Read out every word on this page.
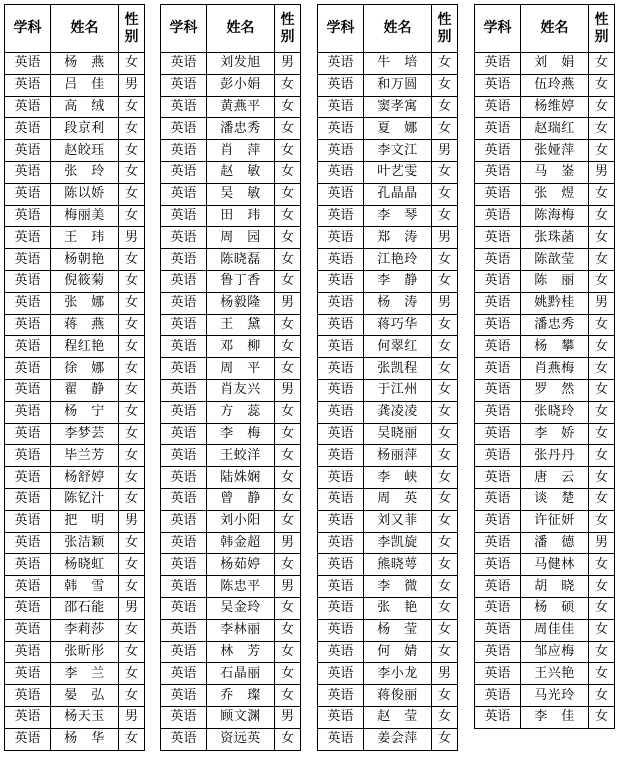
学科	姓名	性别
英语	杨　燕	女
英语	吕　佳	男
英语	高　绒	女
英语	段京利	女
英语	赵皎珏	女
英语	张　玲	女
英语	陈以娇	女
英语	梅丽美	女
英语	王　玮	男
英语	杨朝艳	女
英语	倪筱菊	女
英语	张　娜	女
英语	蒋　燕	女
英语	程红艳	女
英语	徐　娜	女
英语	翟　静	女
英语	杨　宁	女
英语	李梦芸	女
英语	毕兰芳	女
英语	杨舒婷	女
英语	陈钇汁	女
英语	把　明	男
英语	张洁颖	女
英语	杨晓虹	女
英语	韩　雪	女
英语	邵石能	男
英语	李莉莎	女
英语	张昕彤	女
英语	李　兰	女
英语	晏　弘	女
英语	杨天玉	男
英语	杨　华	女
学科	姓名	性别
英语	刘发旭	男
英语	彭小娟	女
英语	黄燕平	女
英语	潘忠秀	女
英语	肖　萍	女
英语	赵　敏	女
英语	吴　敏	女
英语	田　玮	女
英语	周　园	女
英语	陈晓磊	女
英语	鲁丁香	女
英语	杨毅隆	男
英语	王　黛	女
英语	邓　柳	女
英语	周　平	女
英语	肖友兴	男
英语	方　蕊	女
英语	李　梅	女
英语	王蛟洋	女
英语	陆姝娴	女
英语	曾　静	女
英语	刘小阳	女
英语	韩金超	男
英语	杨茹婷	女
英语	陈忠平	男
英语	吴金玲	女
英语	李林丽	女
英语	林　芳	女
英语	石晶丽	女
英语	乔　璨	女
英语	顾文渊	男
英语	资远英	女
学科	姓名	性别
英语	牛　培	女
英语	和万圆	女
英语	窦孝寓	女
英语	夏　娜	女
英语	李文江	男
英语	叶艺雯	女
英语	孔晶晶	女
英语	李　琴	女
英语	郑　涛	男
英语	江艳玲	女
英语	李　静	女
英语	杨　涛	男
英语	蒋巧华	女
英语	何翠红	女
英语	张凯程	女
英语	于江州	女
英语	龚凌凌	女
英语	吴晓丽	女
英语	杨丽萍	女
英语	李　峡	女
英语	周　英	女
英语	刘又菲	女
英语	李凯旋	女
英语	熊晓萼	女
英语	李　微	女
英语	张　艳	女
英语	杨　莹	女
英语	何　婧	女
英语	李小龙	男
英语	蒋俊丽	女
英语	赵　莹	女
英语	姜会萍	女
学科	姓名	性别
英语	刘　娟	女
英语	伍玲燕	女
英语	杨维婷	女
英语	赵瑞红	女
英语	张娅萍	女
英语	马　崟	男
英语	张　煜	女
英语	陈海梅	女
英语	张珠菡	女
英语	陈歆莹	女
英语	陈　丽	女
英语	姚黔桂	男
英语	潘忠秀	女
英语	杨　攀	女
英语	肖燕梅	女
英语	罗　然	女
英语	张晓玲	女
英语	李　娇	女
英语	张丹丹	女
英语	唐　云	女
英语	谈　楚	女
英语	许征妍	女
英语	潘　德	男
英语	马健林	女
英语	胡　晓	女
英语	杨　硕	女
英语	周佳佳	女
英语	邹应梅	女
英语	王兴艳	女
英语	马光玲	女
英语	李　佳	女
